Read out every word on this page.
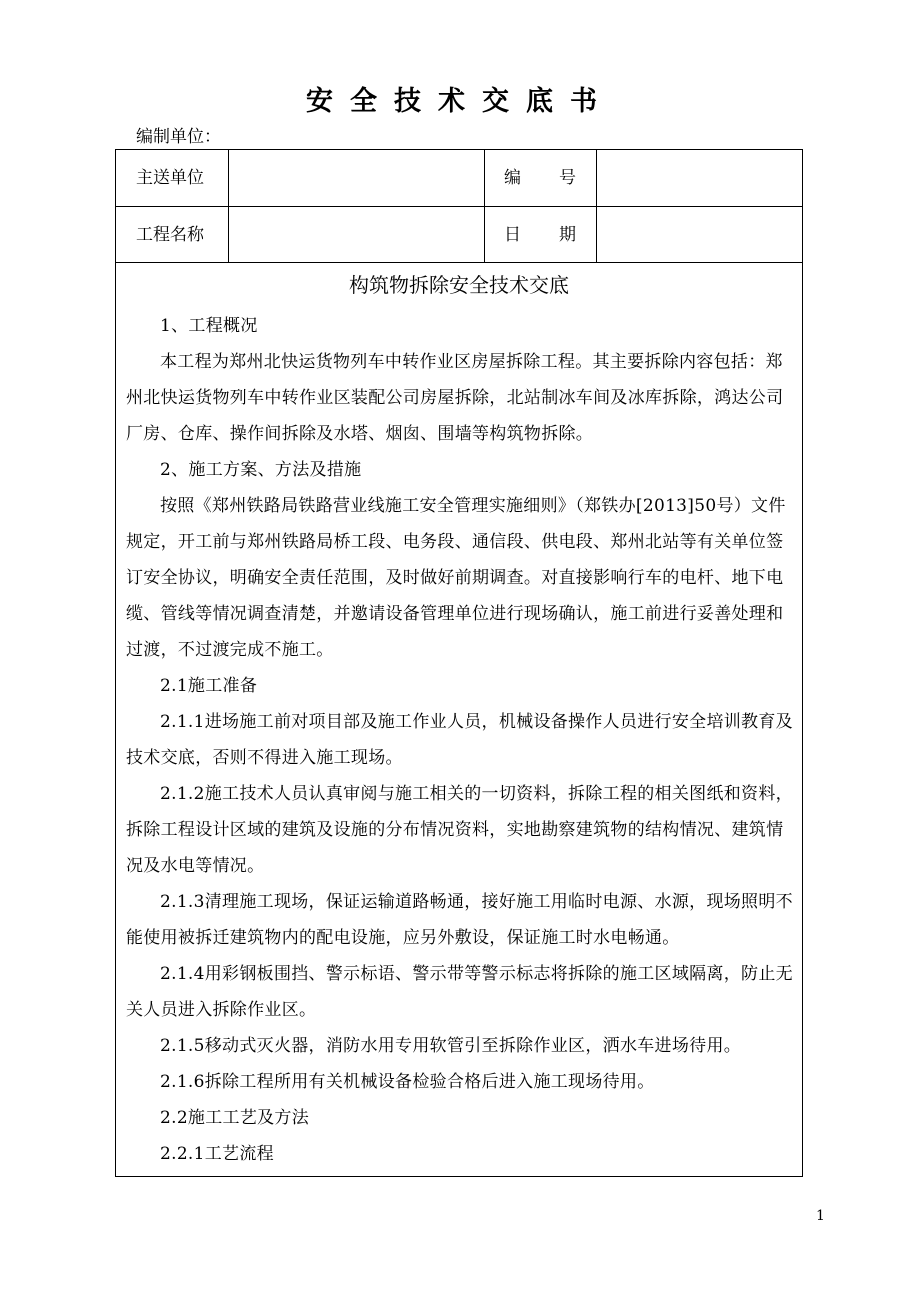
安全技术交底书
编制单位：
主送单位	编 号
工程名称	日 期
构筑物拆除安全技术交底

1、工程概况

本工程为郑州北快运货物列车中转作业区房屋拆除工程。其主要拆除内容包括：郑州北快运货物列车中转作业区装配公司房屋拆除，北站制冰车间及冰库拆除，鸿达公司厂房、仓库、操作间拆除及水塔、烟囱、围墙等构筑物拆除。

2、施工方案、方法及措施

按照《郑州铁路局铁路营业线施工安全管理实施细则》（郑铁办[2013]50号）文件规定，开工前与郑州铁路局桥工段、电务段、通信段、供电段、郑州北站等有关单位签订安全协议，明确安全责任范围，及时做好前期调查。对直接影响行车的电杆、地下电缆、管线等情况调查清楚，并邀请设备管理单位进行现场确认，施工前进行妥善处理和过渡，不过渡完成不施工。

2.1施工准备

2.1.1进场施工前对项目部及施工作业人员，机械设备操作人员进行安全培训教育及技术交底，否则不得进入施工现场。

2.1.2施工技术人员认真审阅与施工相关的一切资料，拆除工程的相关图纸和资料，拆除工程设计区域的建筑及设施的分布情况资料，实地勘察建筑物的结构情况、建筑情况及水电等情况。

2.1.3清理施工现场，保证运输道路畅通，接好施工用临时电源、水源，现场照明不能使用被拆迁建筑物内的配电设施，应另外敷设，保证施工时水电畅通。

2.1.4用彩钢板围挡、警示标语、警示带等警示标志将拆除的施工区域隔离，防止无关人员进入拆除作业区。

2.1.5移动式灭火器，消防水用专用软管引至拆除作业区，洒水车进场待用。

2.1.6拆除工程所用有关机械设备检验合格后进入施工现场待用。

2.2施工工艺及方法

2.2.1工艺流程

1
